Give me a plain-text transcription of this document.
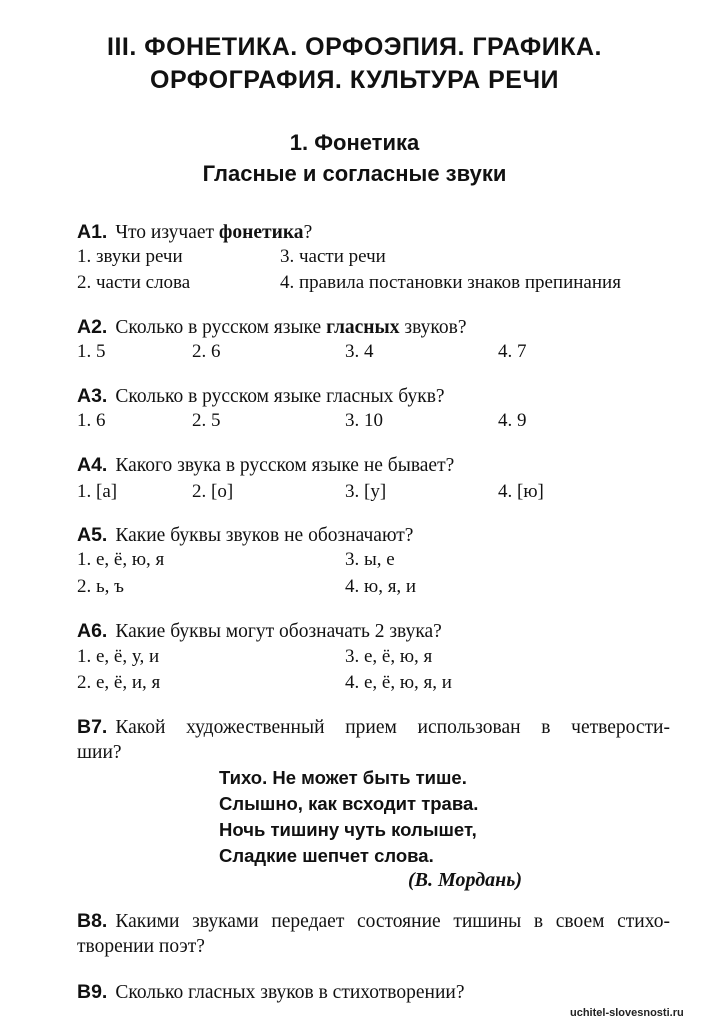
III. ФОНЕТИКА. ОРФОЭПИЯ. ГРАФИКА.
ОРФОГРАФИЯ. КУЛЬТУРА РЕЧИ
1. Фонетика
Гласные и согласные звуки
А1. Что изучает фонетика?
1. звуки речи
2. части слова
3. части речи
4. правила постановки знаков препинания
А2. Сколько в русском языке гласных звуков?
1. 5	2. 6	3. 4	4. 7
А3. Сколько в русском языке гласных букв?
1. 6	2. 5	3. 10	4. 9
А4. Какого звука в русском языке не бывает?
1. [а]	2. [о]	3. [у]	4. [ю]
А5. Какие буквы звуков не обозначают?
1. е, ё, ю, я
2. ь, ъ
3. ы, е
4. ю, я, и
А6. Какие буквы могут обозначать 2 звука?
1. е, ё, у, и
2. е, ё, и, я
3. е, ё, ю, я
4. е, ё, ю, я, и
В7. Какой художественный прием использован в четверости-
шии?
Тихо. Не может быть тише.
Слышно, как всходит трава.
Ночь тишину чуть колышет,
Сладкие шепчет слова.
(В. Мордань)
В8. Какими звуками передает состояние тишины в своем стихо-
творении поэт?
В9. Сколько гласных звуков в стихотворении?
uchitel-slovesnosti.ru
